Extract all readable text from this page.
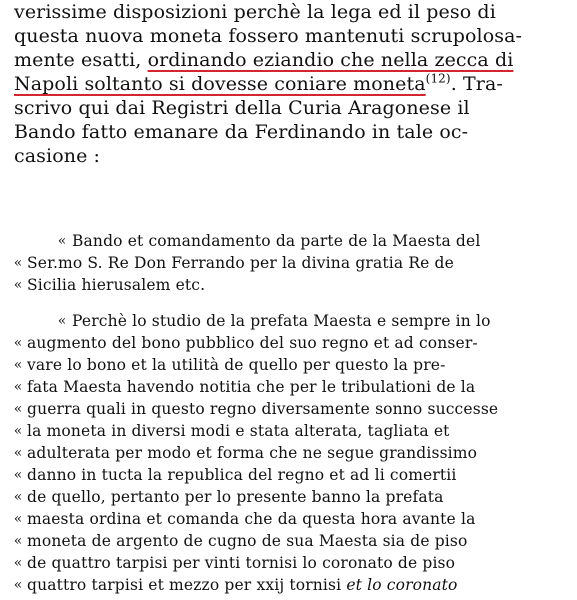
verissime disposizioni perchè la lega ed il peso di
questa nuova moneta fossero mantenuti scrupolosa-
mente esatti, ordinando eziandio che nella zecca di
Napoli soltanto si dovesse coniare moneta$^{(12)}$. Tra-
scrivo qui dai Registri della Curia Aragonese il
Bando fatto emanare da Ferdinando in tale oc-
casione :
« Bando et comandamento da parte de la Maesta del
« Ser.mo S. Re Don Ferrando per la divina gratia Re de
« Sicilia hierusalem etc.
« Perchè lo studio de la prefata Maesta e sempre in lo
« augmento del bono pubblico del suo regno et ad conser-
« vare lo bono et la utilità de quello per questo la pre-
« fata Maesta havendo notitia che per le tribulationi de la
« guerra quali in questo regno diversamente sonno successe
« la moneta in diversi modi e stata alterata, tagliata et
« adulterata per modo et forma che ne segue grandissimo
« danno in tucta la republica del regno et ad li comertii
« de quello, pertanto per lo presente banno la prefata
« maesta ordina et comanda che da questa hora avante la
« moneta de argento de cugno de sua Maesta sia de piso
« de quattro tarpisi per vinti tornisi lo coronato de piso
« quattro tarpisi et mezzo per xxij tornisi et lo coronato
